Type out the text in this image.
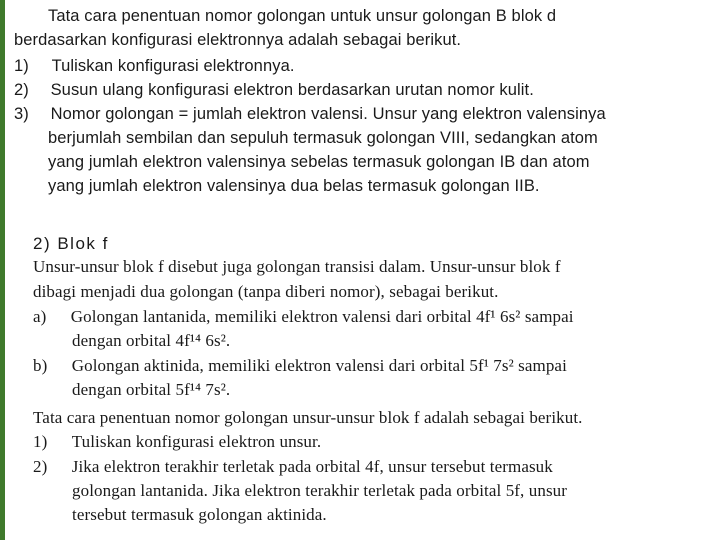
Tata cara penentuan nomor golongan untuk unsur golongan B blok d
berdasarkan konfigurasi elektronnya adalah sebagai berikut.
1) Tuliskan konfigurasi elektronnya.
2) Susun ulang konfigurasi elektron berdasarkan urutan nomor kulit.
3) Nomor golongan = jumlah elektron valensi. Unsur yang elektron valensinya
berjumlah sembilan dan sepuluh termasuk golongan VIII, sedangkan atom
yang jumlah elektron valensinya sebelas termasuk golongan IB dan atom
yang jumlah elektron valensinya dua belas termasuk golongan IIB.
2) Blok f
Unsur-unsur blok f disebut juga golongan transisi dalam. Unsur-unsur blok f
dibagi menjadi dua golongan (tanpa diberi nomor), sebagai berikut.
a) Golongan lantanida, memiliki elektron valensi dari orbital 4f¹ 6s² sampai
dengan orbital 4f¹⁴ 6s².
b) Golongan aktinida, memiliki elektron valensi dari orbital 5f¹ 7s² sampai
dengan orbital 5f¹⁴ 7s².
Tata cara penentuan nomor golongan unsur-unsur blok f adalah sebagai berikut.
1) Tuliskan konfigurasi elektron unsur.
2) Jika elektron terakhir terletak pada orbital 4f, unsur tersebut termasuk
golongan lantanida. Jika elektron terakhir terletak pada orbital 5f, unsur
tersebut termasuk golongan aktinida.
